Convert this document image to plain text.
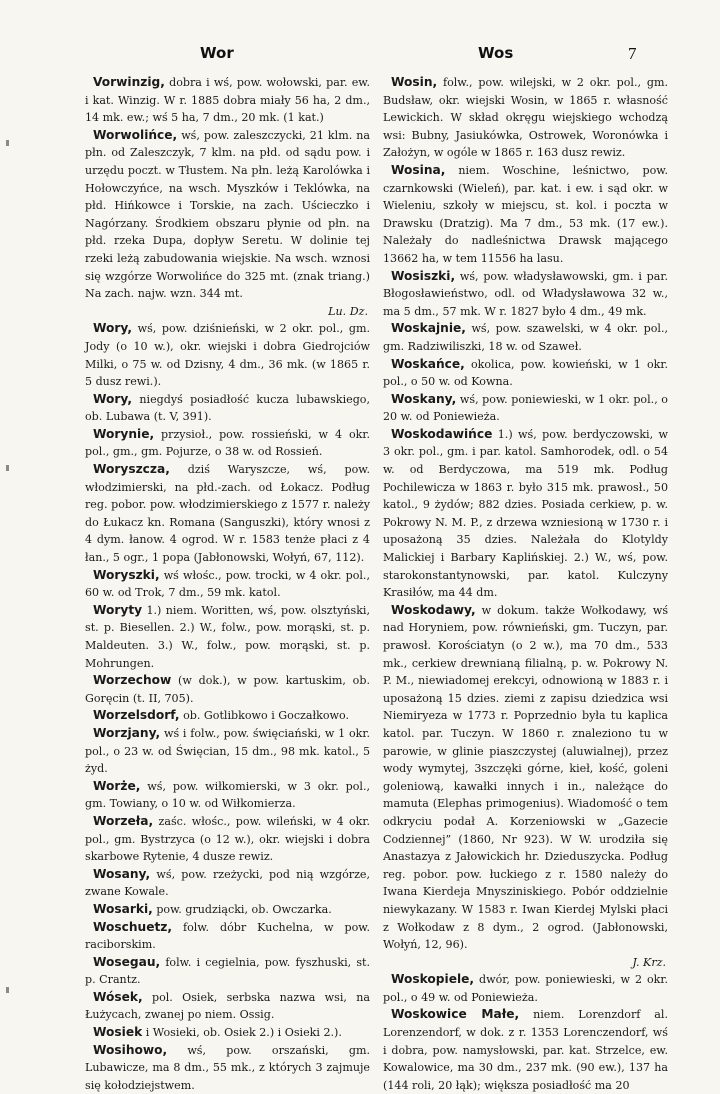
Wor	Wos	7

Vorwinzig, dobra i wś, pow. wołowski, par. ew. i kat. Winzig. W r. 1885 dobra miały 56 ha, 2 dm., 14 mk. ew.; wś 5 ha, 7 dm., 20 mk. (1 kat.)

Worwolińce, wś, pow. zaleszczycki, 21 klm. na płn. od Zaleszczyk, 7 klm. na płd. od sądu pow. i urzędu poczt. w Tłustem. Na płn. leżą Karolówka i Hołowczyńce, na wsch. Myszków i Teklówka, na płd. Hińkowce i Torskie, na zach. Uścieczko i Nagórzany. Środkiem obszaru płynie od płn. na płd. rzeka Dupa, dopływ Seretu. W dolinie tej rzeki leżą zabudowania wiejskie. Na wsch. wznosi się wzgórze Worwolińce do 325 mt. (znak triang.) Na zach. najw. wzn. 344 mt.
Lu. Dz.

Wory, wś, pow. dziśnieński, w 2 okr. pol., gm. Jody (o 10 w.), okr. wiejski i dobra Giedrojciów Milki, o 75 w. od Dzisny, 4 dm., 36 mk. (w 1865 r. 5 dusz rewi.).

Wory, niegdyś posiadłość kucza lubawskiego, ob. Lubawa (t. V, 391).

Worynie, przysioł., pow. rossieński, w 4 okr. pol., gm., gm. Pojurze, o 38 w. od Rossień.

Woryszcza, dziś Waryszcze, wś, pow. włodzimierski, na płd.-zach. od Łokacz. Podług reg. pobor. pow. włodzimierskiego z 1577 r. należy do Łukacz kn. Romana (Sanguszki), który wnosi z 4 dym. łanow. 4 ogrod. W r. 1583 tenże płaci z 4 łan., 5 ogr., 1 popa (Jabłonowski, Wołyń, 67, 112).

Woryszki, wś włośc., pow. trocki, w 4 okr. pol., 60 w. od Trok, 7 dm., 59 mk. katol.

Woryty 1.) niem. Woritten, wś, pow. olsztyński, st. p. Biesellen. 2.) W., folw., pow. morąski, st. p. Maldeuten. 3.) W., folw., pow. morąski, st. p. Mohrungen.

Worzechow (w dok.), w pow. kartuskim, ob. Goręcin (t. II, 705).

Worzelsdorf, ob. Gotlibkowo i Goczałkowo.

Worzjany, wś i folw., pow. święciański, w 1 okr. pol., o 23 w. od Święcian, 15 dm., 98 mk. katol., 5 żyd.

Worże, wś, pow. wiłkomierski, w 3 okr. pol., gm. Towiany, o 10 w. od Wiłkomierza.

Worzeła, zaśc. włośc., pow. wileński, w 4 okr. pol., gm. Bystrzyca (o 12 w.), okr. wiejski i dobra skarbowe Rytenie, 4 dusze rewiz.

Wosany, wś, pow. rzeżycki, pod nią wzgórze, zwane Kowale.

Wosarki, pow. grudziącki, ob. Owczarka.

Woschuetz, folw. dóbr Kuchelna, w pow. raciborskim.

Wosegau, folw. i cegielnia, pow. fyszhuski, st. p. Crantz.

Wósek, pol. Osiek, serbska nazwa wsi, na Łużycach, zwanej po niem. Ossig.

Wosiek i Wosieki, ob. Osiek 2.) i Osieki 2.).

Wosihowo, wś, pow. orszański, gm. Lubawicze, ma 8 dm., 55 mk., z których 3 zajmuje się kołodziejstwem.

Wosin, folw., pow. wilejski, w 2 okr. pol., gm. Budsław, okr. wiejski Wosin, w 1865 r. własność Lewickich. W skład okręgu wiejskiego wchodzą wsi: Bubny, Jasiukówka, Ostrowek, Woronówka i Założyn, w ogóle w 1865 r. 163 dusz rewiz.

Wosina, niem. Woschine, leśnictwo, pow. czarnkowski (Wieleń), par. kat. i ew. i sąd okr. w Wieleniu, szkoły w miejscu, st. kol. i poczta w Drawsku (Dratzig). Ma 7 dm., 53 mk. (17 ew.). Należały do nadleśnictwa Drawsk mającego 13662 ha, w tem 11556 ha lasu.

Wosiszki, wś, pow. władysławowski, gm. i par. Błogosławieństwo, odl. od Władysławowa 32 w., ma 5 dm., 57 mk. W r. 1827 było 4 dm., 49 mk.

Woskajnie, wś, pow. szawelski, w 4 okr. pol., gm. Radziwiliszki, 18 w. od Szaweł.

Woskańce, okolica, pow. kowieński, w 1 okr. pol., o 50 w. od Kowna.

Woskany, wś, pow. poniewieski, w 1 okr. pol., o 20 w. od Poniewieża.

Woskodawińce 1.) wś, pow. berdyczowski, w 3 okr. pol., gm. i par. katol. Samhorodek, odl. o 54 w. od Berdyczowa, ma 519 mk. Podług Pochilewicza w 1863 r. było 315 mk. prawosł., 50 katol., 9 żydów; 882 dzies. Posiada cerkiew, p. w. Pokrowy N. M. P., z drzewa wzniesioną w 1730 r. i uposażoną 35 dzies. Należała do Klotyldy Malickiej i Barbary Kaplińskiej. 2.) W., wś, pow. starokonstantynowski, par. katol. Kulczyny Krasiłów, ma 44 dm.

Woskodawy, w dokum. także Wołkodawy, wś nad Horyniem, pow. równieński, gm. Tuczyn, par. prawosł. Korościatyn (o 2 w.), ma 70 dm., 533 mk., cerkiew drewnianą filialną, p. w. Pokrowy N. P. M., niewiadomej erekcyi, odnowioną w 1883 r. i uposażoną 15 dzies. ziemi z zapisu dziedzica wsi Niemiryeza w 1773 r. Poprzednio była tu kaplica katol. par. Tuczyn. W 1860 r. znaleziono tu w parowie, w glinie piaszczystej (aluwialnej), przez wody wymytej, 3szczęki górne, kieł, kość, goleni goleniową, kawałki innych i in., należące do mamuta (Elephas primogenius). Wiadomość o tem odkryciu podał A. Korzeniowski w „Gazecie Codziennej” (1860, Nr 923). W W. urodziła się Anastazya z Jałowickich hr. Dzieduszycka. Podług reg. pobor. pow. łuckiego z r. 1580 należy do Iwana Kierdeja Mnysziniskiego. Pobór oddzielnie niewykazany. W 1583 r. Iwan Kierdej Mylski płaci z Wołkodaw z 8 dym., 2 ogrod. (Jabłonowski, Wołyń, 12, 96).
J. Krz.

Woskopiele, dwór, pow. poniewieski, w 2 okr. pol., o 49 w. od Poniewieża.

Woskowice Małe, niem. Lorenzdorf al. Lorenzendorf, w dok. z r. 1353 Lorenczendorf, wś i dobra, pow. namysłowski, par. kat. Strzelce, ew. Kowalowice, ma 30 dm., 237 mk. (90 ew.), 137 ha (144 roli, 20 łąk); większa posiadłość ma 20
